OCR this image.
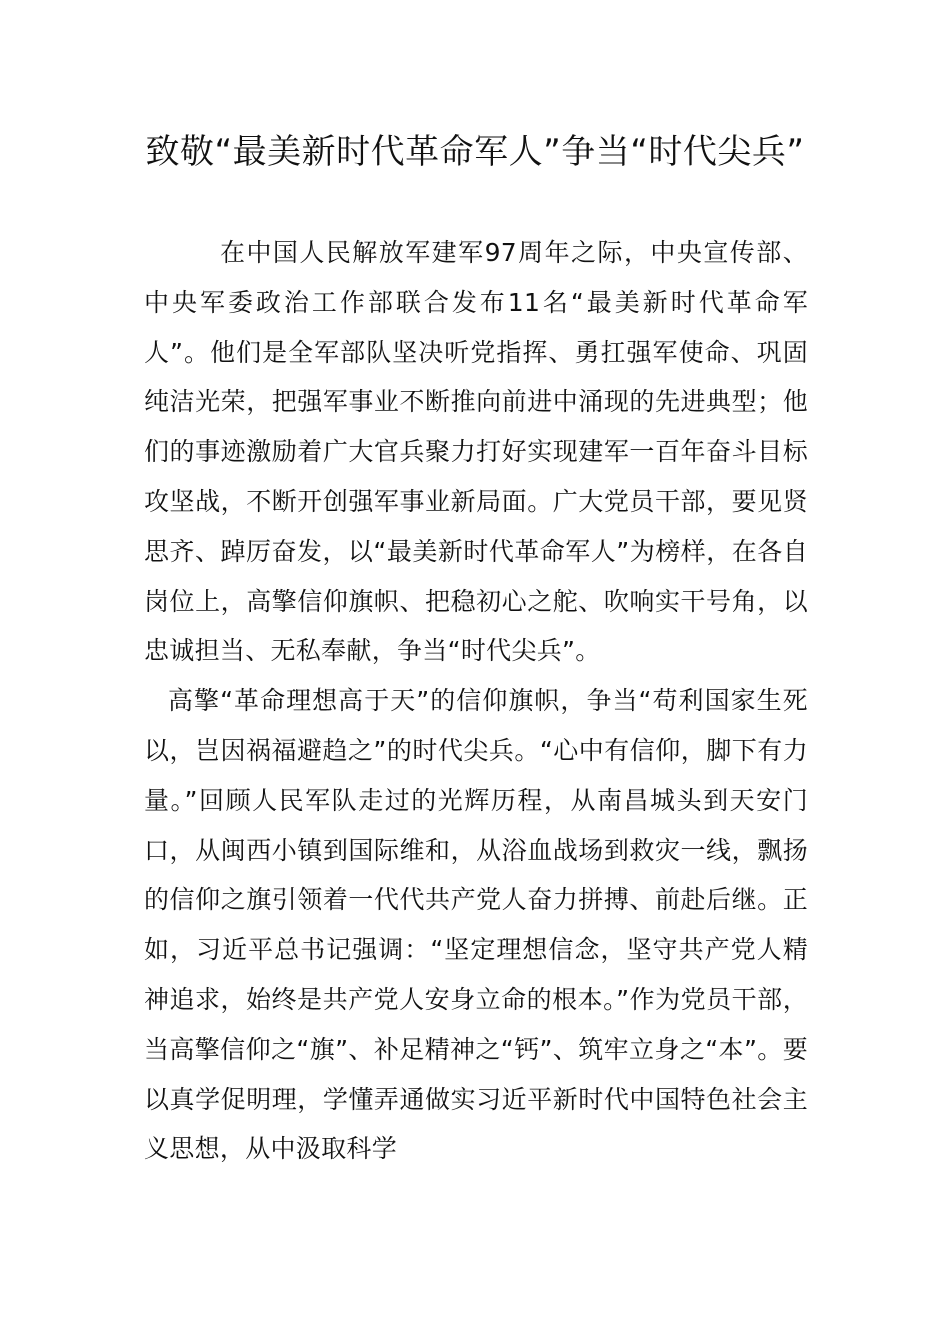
致敬“最美新时代革命军人”争当“时代尖兵”

在中国人民解放军建军97周年之际，中央宣传部、中央军委政治工作部联合发布11名“最美新时代革命军人”。他们是全军部队坚决听党指挥、勇扛强军使命、巩固纯洁光荣，把强军事业不断推向前进中涌现的先进典型；他们的事迹激励着广大官兵聚力打好实现建军一百年奋斗目标攻坚战，不断开创强军事业新局面。广大党员干部，要见贤思齐、踔厉奋发，以“最美新时代革命军人”为榜样，在各自岗位上，高擎信仰旗帜、把稳初心之舵、吹响实干号角，以忠诚担当、无私奉献，争当“时代尖兵”。

高擎“革命理想高于天”的信仰旗帜，争当“苟利国家生死以，岂因祸福避趋之”的时代尖兵。“心中有信仰，脚下有力量。”回顾人民军队走过的光辉历程，从南昌城头到天安门口，从闽西小镇到国际维和，从浴血战场到救灾一线，飘扬的信仰之旗引领着一代代共产党人奋力拼搏、前赴后继。正如，习近平总书记强调：“坚定理想信念，坚守共产党人精神追求，始终是共产党人安身立命的根本。”作为党员干部，当高擎信仰之“旗”、补足精神之“钙”、筑牢立身之“本”。要以真学促明理，学懂弄通做实习近平新时代中国特色社会主义思想，从中汲取科学
